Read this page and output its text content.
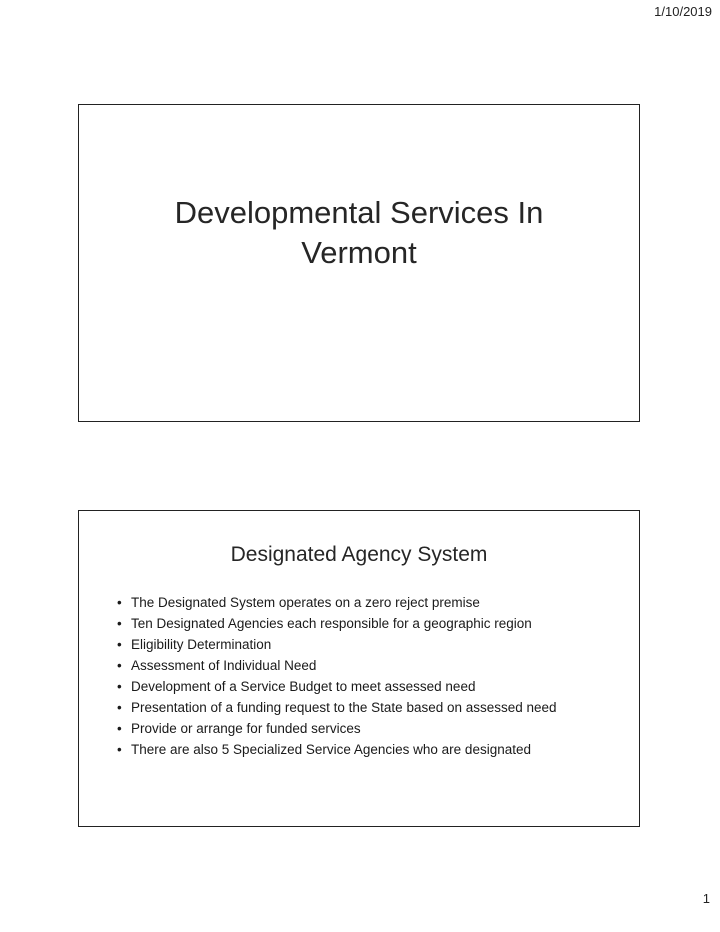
1/10/2019
Developmental Services In Vermont
Designated Agency System
• The Designated System operates on a zero reject premise
• Ten Designated Agencies each responsible for a geographic region
• Eligibility Determination
• Assessment of Individual Need
• Development of a Service Budget to meet assessed need
• Presentation of a funding request to the State based on assessed need
• Provide or arrange for funded services
• There are also 5 Specialized Service Agencies who are designated
1
